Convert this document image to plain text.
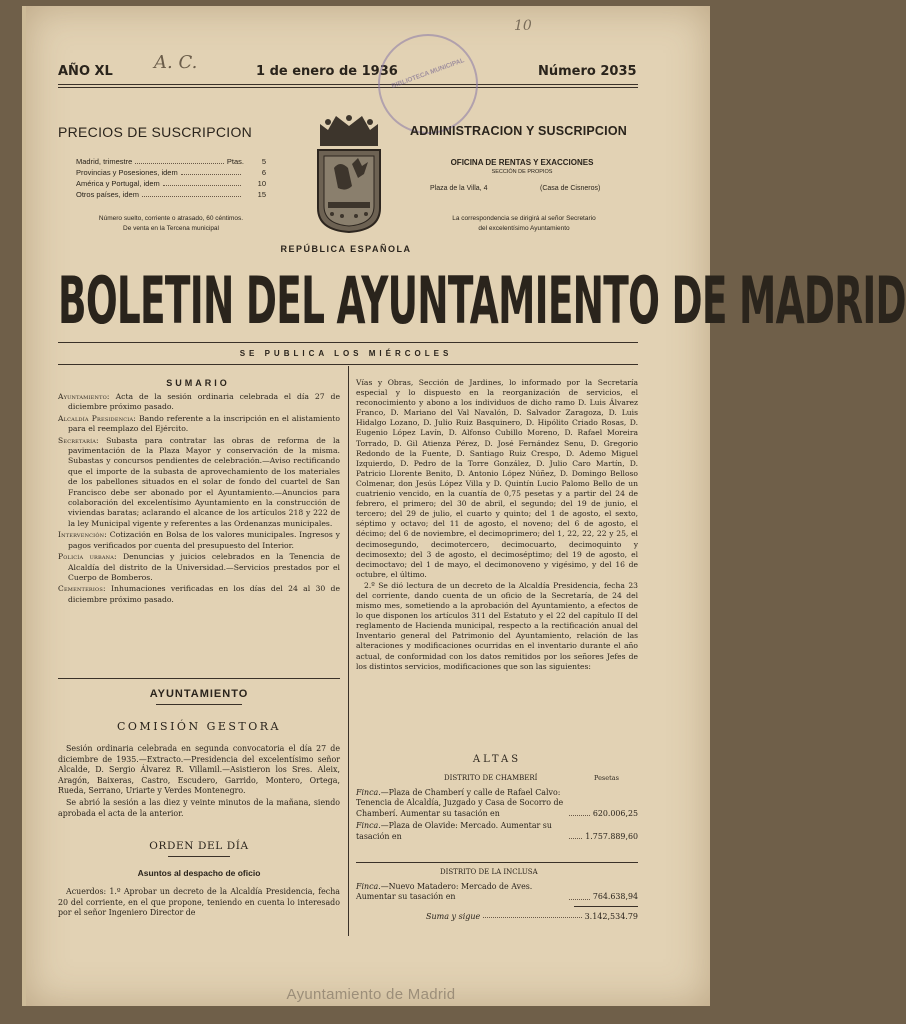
AÑO XL A. C.	1 de enero de 1936
10
Número 2035
BIBLIOTECA MUNICIPAL
PRECIOS DE SUSCRIPCION
Madrid, trimestre	Ptas.	5
Provincias y Posesiones, idem	6
América y Portugal, idem	10
Otros países, idem	15
Número suelto, corriente o atrasado, 60 céntimos.
De venta en la Tercena municipal
ADMINISTRACION Y SUSCRIPCION
OFICINA DE RENTAS Y EXACCIONES
SECCIÓN DE PROPIOS
Plaza de la Villa, 4	(Casa de Cisneros)
La correspondencia se dirigirá al señor Secretario
del excelentísimo Ayuntamiento
REPÚBLICA ESPAÑOLA
BOLETIN DEL AYUNTAMIENTO DE MADRID
SE PUBLICA LOS MIÉRCOLES
SUMARIO

Ayuntamiento: Acta de la sesión ordinaria celebrada el día 27 de diciembre próximo pasado.

Alcaldía Presidencia: Bando referente a la inscripción en el alistamiento para el reemplazo del Ejército.

Secretaría: Subasta para contratar las obras de reforma de la pavimentación de la Plaza Mayor y conservación de la misma. Subastas y concursos pendientes de celebración.—Aviso rectificando que el importe de la subasta de aprovechamiento de los materiales de los pabellones situados en el solar de fondo del cuartel de San Francisco debe ser abonado por el Ayuntamiento.—Anuncios para colaboración del excelentísimo Ayuntamiento en la construcción de viviendas baratas; aclarando el alcance de los artículos 218 y 222 de la ley Municipal vigente y referentes a las Ordenanzas municipales.

Intervención: Cotización en Bolsa de los valores municipales. Ingresos y pagos verificados por cuenta del presupuesto del Interior.

Policía urbana: Denuncias y juicios celebrados en la Tenencia de Alcaldía del distrito de la Universidad.—Servicios prestados por el Cuerpo de Bomberos.

Cementerios: Inhumaciones verificadas en los días del 24 al 30 de diciembre próximo pasado.

AYUNTAMIENTO
COMISIÓN GESTORA

Sesión ordinaria celebrada en segunda convocatoria el día 27 de diciembre de 1935.—Extracto.—Presidencia del excelentísimo señor Alcalde, D. Sergio Álvarez R. Villamil.—Asistieron los Sres. Aleix, Aragón, Baixeras, Castro, Escudero, Garrido, Montero, Ortega, Rueda, Serrano, Uriarte y Verdes Montenegro.

Se abrió la sesión a las diez y veinte minutos de la mañana, siendo aprobada el acta de la anterior.

ORDEN DEL DÍA
Asuntos al despacho de oficio

Acuerdos: 1.º Aprobar un decreto de la Alcaldía Presidencia, fecha 20 del corriente, en el que propone, teniendo en cuenta lo interesado por el señor Ingeniero Director de

Vías y Obras, Sección de Jardines, lo informado por la Secretaría especial y lo dispuesto en la reorganización de servicios, el reconocimiento y abono a los individuos de dicho ramo D. Luis Álvarez Franco, D. Mariano del Val Navalón, D. Salvador Zaragoza, D. Luis Hidalgo Lozano, D. Julio Ruiz Basquinero, D. Hipólito Criado Rosas, D. Eugenio López Lavín, D. Alfonso Cubillo Moreno, D. Rafael Moreira Torrado, D. Gil Atienza Pérez, D. José Fernández Senu, D. Gregorio Redondo de la Fuente, D. Santiago Ruiz Crespo, D. Ademo Miguel Izquierdo, D. Pedro de la Torre González, D. Julio Caro Martín, D. Patricio Llorente Benito, D. Antonio López Núñez, D. Domingo Belloso Colmenar, don Jesús López Villa y D. Quintín Lucio Palomo Bello de un cuatrienio vencido, en la cuantía de 0,75 pesetas y a partir del 24 de febrero, el primero; del 30 de abril, el segundo; del 19 de junio, el tercero; del 29 de julio, el cuarto y quinto; del 1 de agosto, el sexto, séptimo y octavo; del 11 de agosto, el noveno; del 6 de agosto, el décimo; del 6 de noviembre, el decimoprimero; del 1, 22, 22, 22 y 25, el decimosegundo, decimotercero, decimocuarto, decimoquinto y decimosexto; del 3 de agosto, el decimoséptimo; del 19 de agosto, el decimoctavo; del 1 de mayo, el decimonoveno y vigésimo, y del 16 de octubre, el último.

2.º Se dió lectura de un decreto de la Alcaldía Presidencia, fecha 23 del corriente, dando cuenta de un oficio de la Secretaría, de 24 del mismo mes, sometiendo a la aprobación del Ayuntamiento, a efectos de lo que disponen los artículos 311 del Estatuto y el 22 del capítulo II del reglamento de Hacienda municipal, respecto a la rectificación anual del Inventario general del Patrimonio del Ayuntamiento, relación de las alteraciones y modificaciones ocurridas en el inventario durante el año actual, de conformidad con los datos remitidos por los señores Jefes de los distintos servicios, modificaciones que son las siguientes:

ALTAS
DISTRITO DE CHAMBERÍ	Pesetas
Finca.—Plaza de Chamberí y calle de Rafael Calvo: Tenencia de Alcaldía, Juzgado y Casa de Socorro de Chamberí. Aumentar su tasación en	620.006,25
Finca.—Plaza de Olavide: Mercado. Aumentar su tasación en	1.757.889,60
DISTRITO DE LA INCLUSA
Finca.—Nuevo Matadero: Mercado de Aves. Aumentar su tasación en	764.638,94
Suma y sigue	3.142,534.79
Ayuntamiento de Madrid
